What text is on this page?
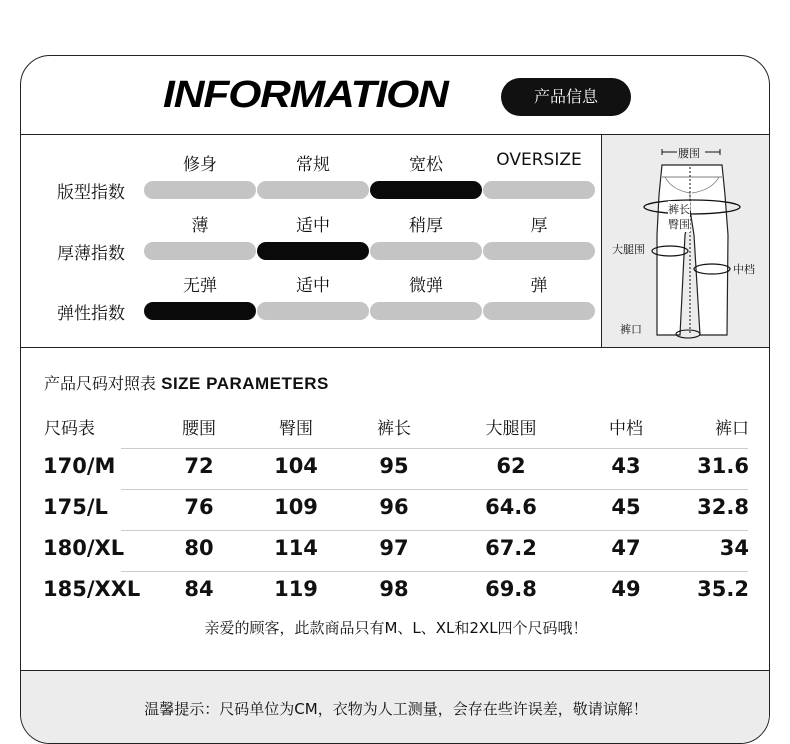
INFORMATION	产品信息
版型指数
修身	常规	宽松	OVERSIZE
厚薄指数
薄	适中	稍厚	厚
弹性指数
无弹	适中	微弹	弹
腰围
裤长
臀围
大腿围
中档
裤口
产品尺码对照表 SIZE PARAMETERS
尺码表	腰围	臀围	裤长	大腿围	中档	裤口
170/M	72	104	95	62	43	31.6
175/L	76	109	96	64.6	45	32.8
180/XL	80	114	97	67.2	47	34
185/XXL	84	119	98	69.8	49	35.2
亲爱的顾客，此款商品只有M、L、XL和2XL四个尺码哦！
温馨提示：尺码单位为CM，衣物为人工测量，会存在些许误差，敬请谅解！
